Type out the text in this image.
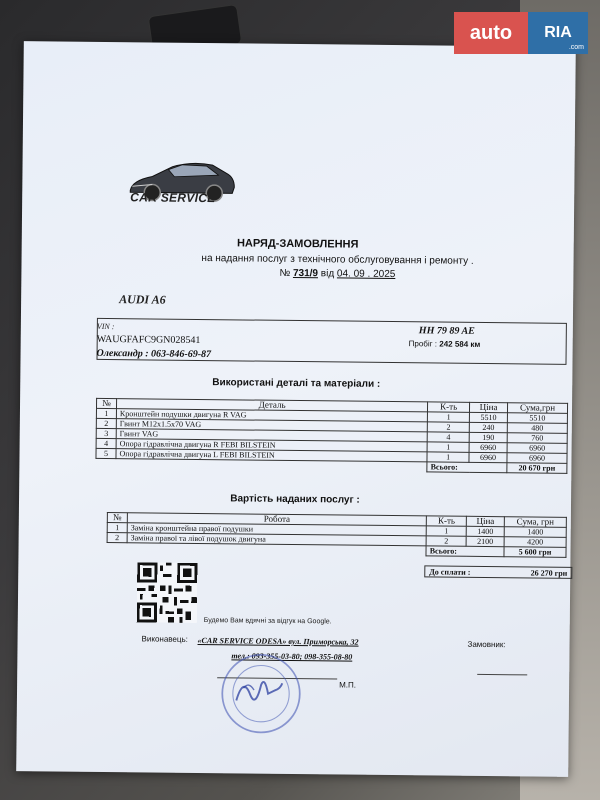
auto	RIA
.com
CAR SERVICE
НАРЯД-ЗАМОВЛЕННЯ
на надання послуг з технічного обслуговування і ремонту .
№ 731/9 від 04. 09 . 2025
AUDI A6
VIN :
WAUGFAFC9GN028541
Олександр : 063-846-69-87
HH 79 89 AE
Пробіг : 242 584 км
Використані деталі та матеріали :
№	Деталь	К-ть	Ціна	Сума,грн
1	Кронштейн подушки двигуна R VAG	1	5510	5510
2	Гвинт M12x1.5x70 VAG	2	240	480
3	Гвинт VAG	4	190	760
4	Опора гідравлічна двигуна R FEBI BILSTEIN	1	6960	6960
5	Опора гідравлічна двигуна L FEBI BILSTEIN	1	6960	6960
		Всього:		20 670 грн
Вартість наданих послуг :
№	Робота	К-ть	Ціна	Сума, грн
1	Заміна кронштейна правої подушки	1	1400	1400
2	Заміна правої та лівої подушок двигуна	2	2100	4200
		Всього:		5 600 грн
До сплати :	26 270 грн
Будемо Вам вдячні за відгук на Google.
Виконавець: «CAR SERVICE ODESA» вул. Приморська, 32	Замовник:
тел.: 093-355-03-80; 098-355-08-80
М.П.
